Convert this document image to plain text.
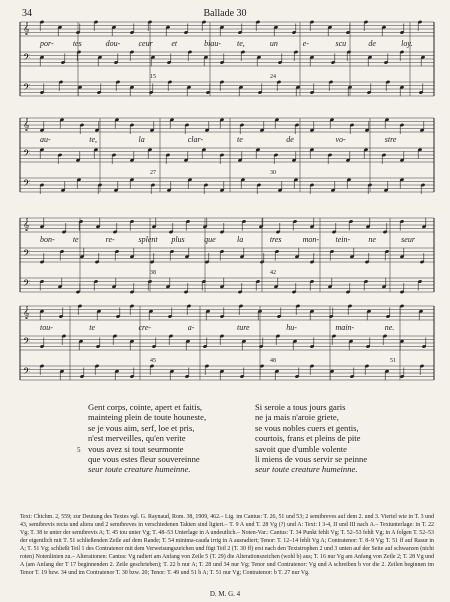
34	Ballade 30
𝄞
𝄢
𝄢
𝄞
𝄢
𝄢
𝄞
𝄢
𝄢
𝄞
𝄢
𝄢
por- tes	dou- ceur et	biau- te,	un	e-	scu	de	loy.
15	24
au-	te,	la	clar-	te	de	vo-	stre
27	30
bon- te	re-	splent plus que	la	tres	mon- tein- ne	seur
38	42
tou-	te	cre-	a-	ture	hu-	main-	ne.
45	48	51
Gent corps, cointe, apert et faitis,
mainteing plein de toute houneste,
se je vous aim, serf, loe et pris,
n'est merveilles, qu'en verite
vous avez si tout seurmonte
que vous estes fleur souvereinne
seur toute creature humeinne.
Si seroie a tous jours garis
ne ja mais n'aroie griete,
se vous nobles cuers et gentis,
courtois, frans et pleins de pite
savoit que d'umble volente
li miens de vous servir se peinne
seur toute creature humeinne.
5
Text: Chichm. 2, 559; zur Deutung des Textes vgl. G. Raynaud, Rom. 38, 1909, 462.– Lig. im Cantus: T. 26, 51 und 53; 2 semibreves auf dem 2. und 3. Viertel wie in T. 3 und 43, semibrevis recta und altera und 2 semibreves in verschiedenen Takten sind ligiert.– T. 9 A und T. 28 Vg (?) und A: Text: I 3-4, II und III nach A.– Textunterlage: in T. 22 Vg; T. 38 te unter der semibrevis A; T. 45 tou unter Vg; T. 48–53 Unterlage in A undeutlich.– Noten-Var.: Cantus: T. 34 Punkt fehlt Vg; T. 52–53 fehlt Vg; in A folgen T. 52–53 der eigentlich mit T. 51 schließenden Zeile auf dem Rande; T. 54 minima-cauda irrig in A ausradiert; Tenor: T. 12–14 fehlt Vg A; Contratenor: T. 8–9 Vg; T. 51 ff auf Rasur in A; T. 51 Vg; schließt Teil 1 des Contratenor mit dem Verweisungszeichen und fügt Teil 2 (T. 30 ff) erst nach den Textstrophen 2 und 3 unten auf der Seite auf schwarzen (nicht roten) Notenlinien zu.– Alterationen: Cantus: Vg radiert am Anfang von Zeile 5 (T. 29) die Alterationszeichen (wohl b) aus; T. 16 nur Vg am Anfang von Zeile 2; T. 28 Vg und A (am Anfang der T 17 beginnenden 2. Zeile geschrieben); T. 22 b nur A; T. 28 und 34 nur Vg; Tenor und Contratenor: Vg und A schreiben b vor die 2. Zeilen beginnen im Tenor T. 19 bzw. 34 und im Contratenor T. 30 bzw. 20; Tenor: T. 49 und 51 b A; T. 51 nur Vg; Contratenor: b T. 27 nur Vg.
D. M. G. 4
